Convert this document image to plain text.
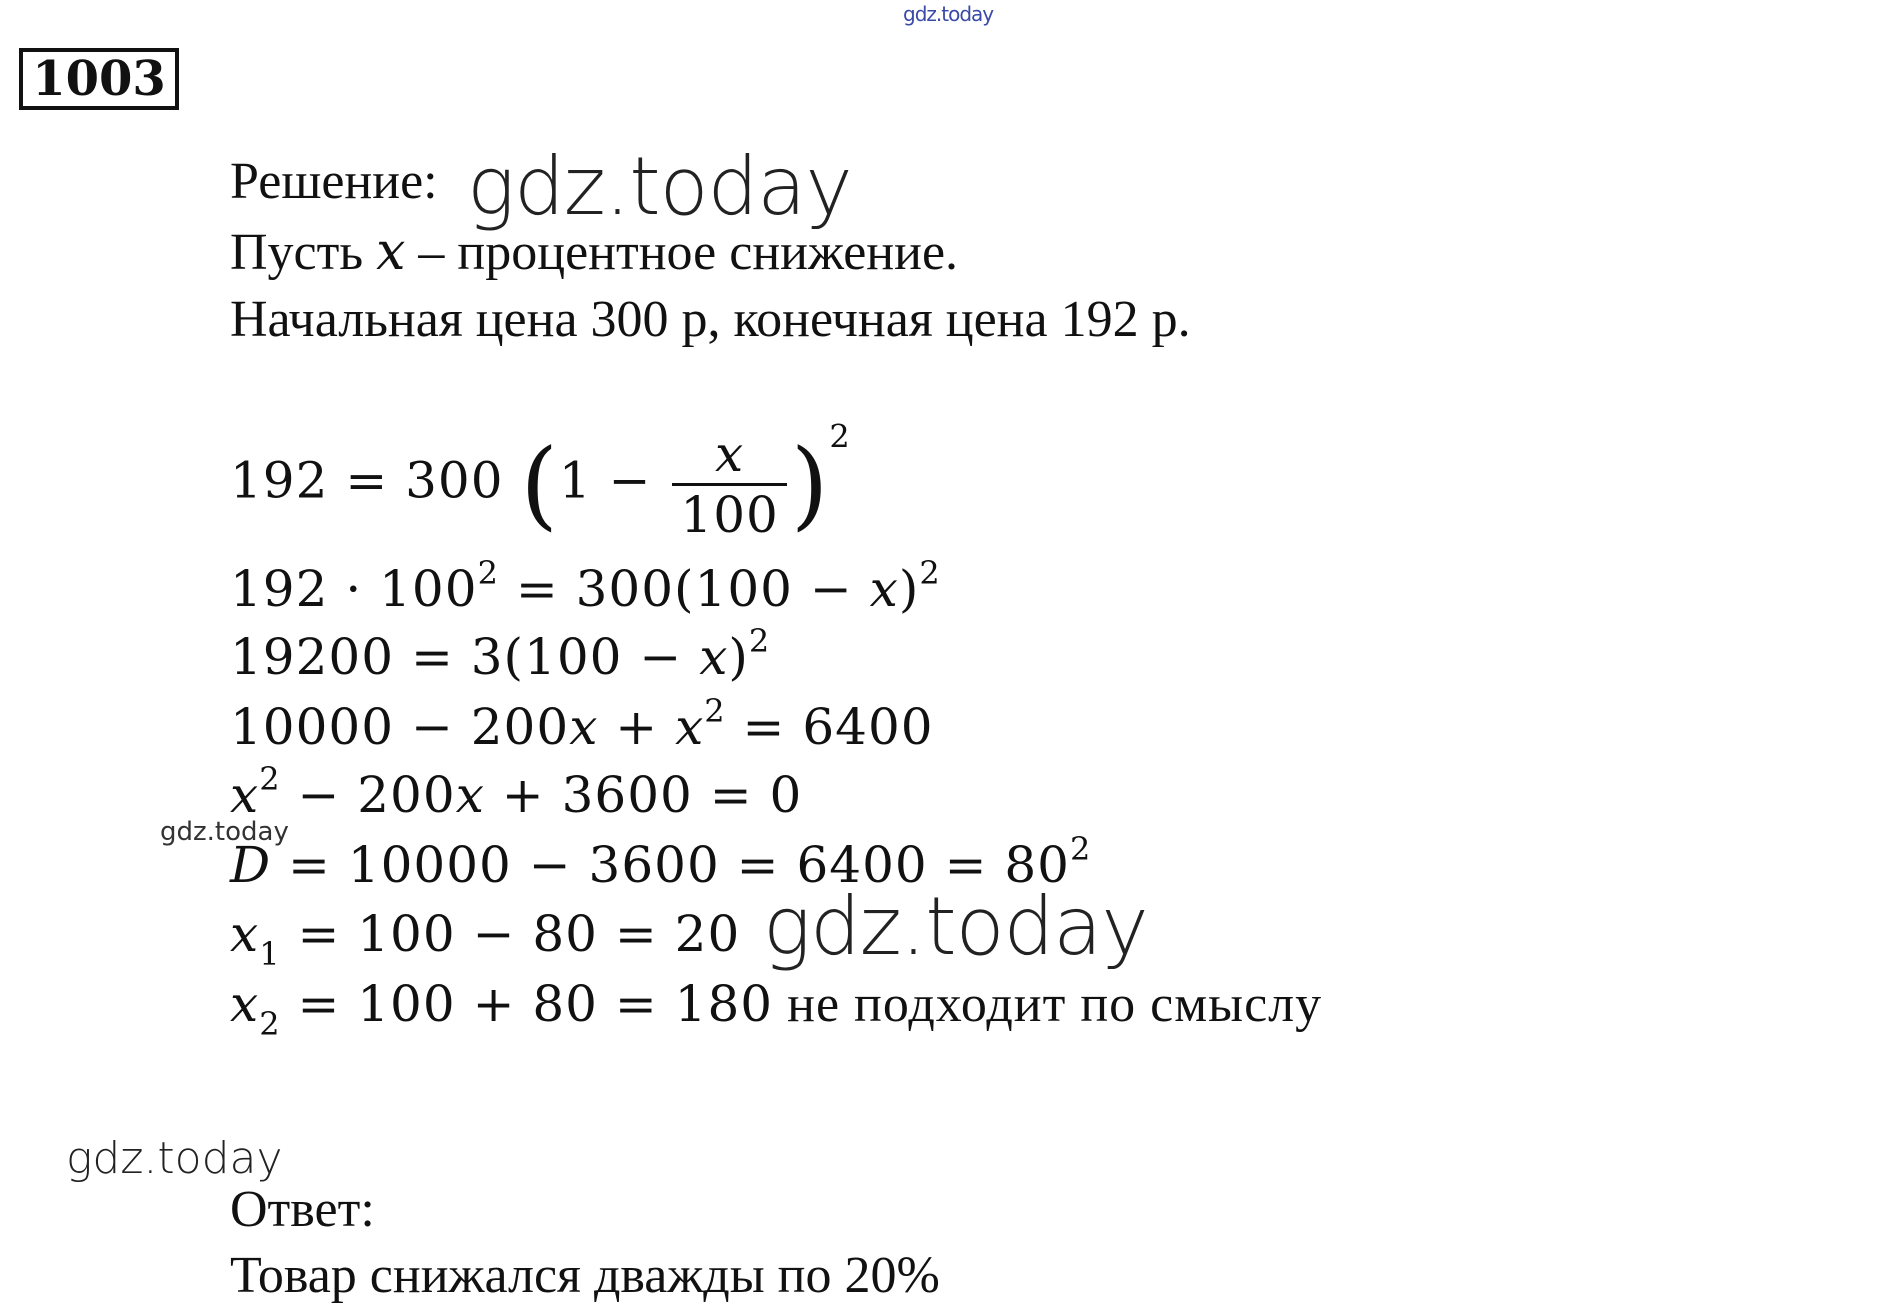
1003
gdz.today
Решение: gdz.today
Пусть x – процентное снижение.
Начальная цена 300 р, конечная цена 192 р.
192 = 300 $(1 - \frac{x}{100} )^2$
$192 \cdot 100^2 = 300(100 - x)^2$
$19200 = 3(100 - x)^2$
$10000 - 200x + x^2 = 6400$
$x^2 - 200x + 3600 = 0$
gdz.today
$D = 10000 - 3600 = 6400 = 80^2$
$x_1 = 100 - 80 = 20$ gdz.today
$x_2 = 100 + 80 = 180$ не подходит по смыслу
gdz.today
Ответ:
Товар снижался дважды по 20%
